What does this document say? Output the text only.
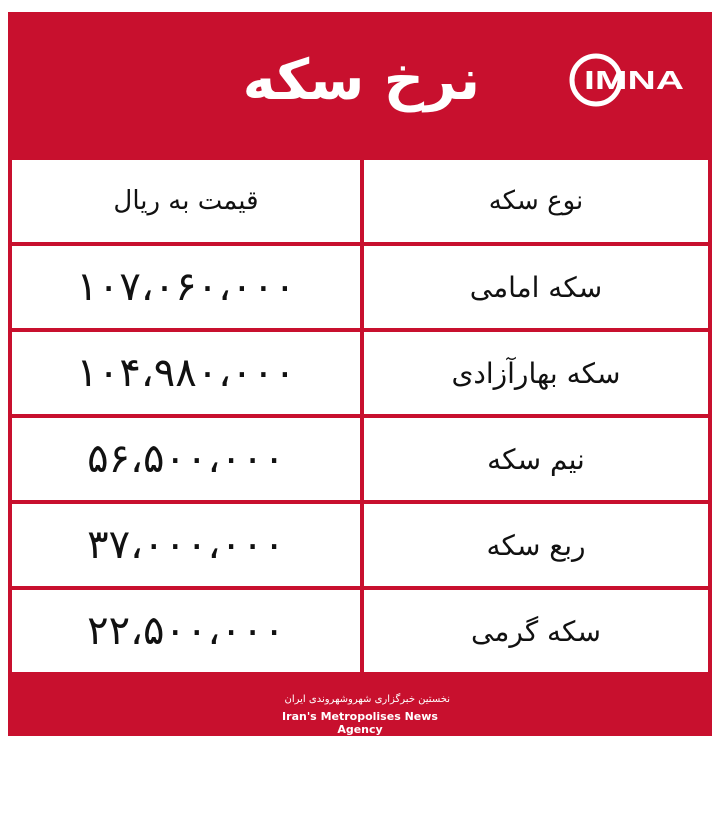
نرخ سکه	IMNA
نوع سکه
قیمت به ریال
سکه امامی
۱۰۷،۰۶۰،۰۰۰
سکه بهارآزادی
۱۰۴،۹۸۰،۰۰۰
نیم سکه
۵۶،۵۰۰،۰۰۰
ربع سکه
۳۷،۰۰۰،۰۰۰
سکه گرمی
۲۲،۵۰۰،۰۰۰
نخستین خبرگزاری شهروشهروندی ایران
Iran's Metropolises News Agency
